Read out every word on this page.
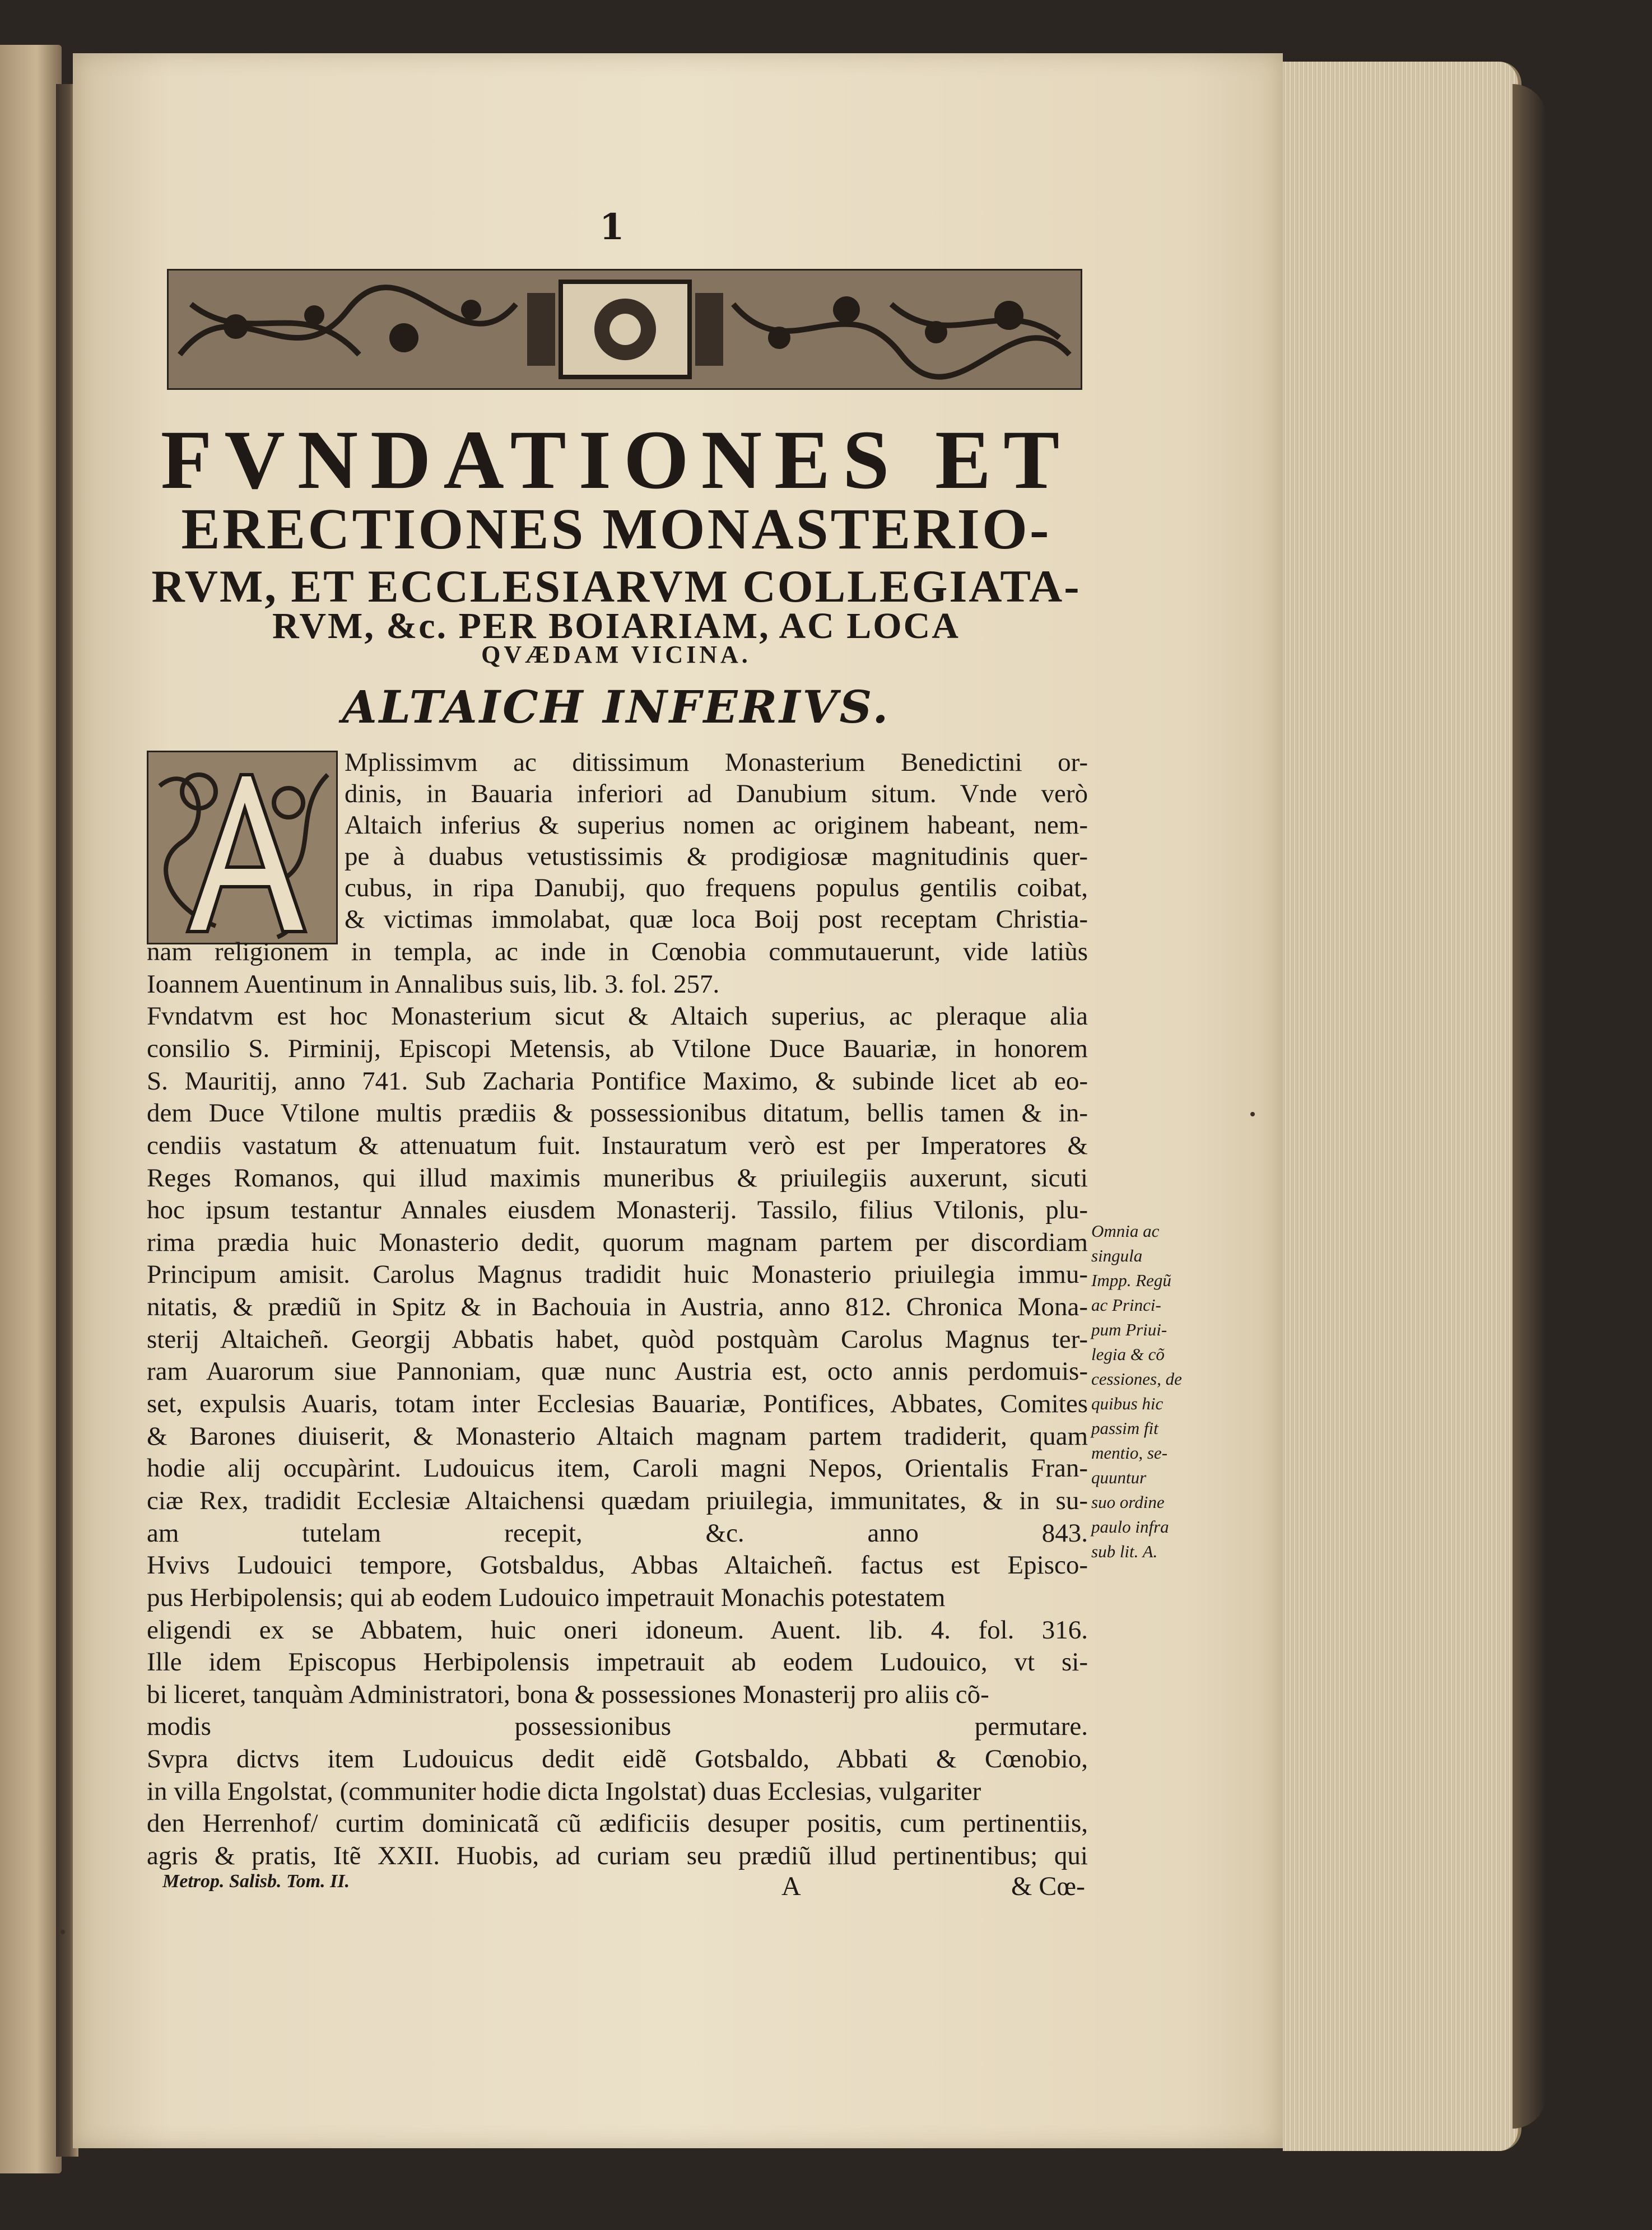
1
FVNDATIONES ET
ERECTIONES MONASTERIO-
RVM, ET ECCLESIARVM COLLEGIATA-
RVM, &c. PER BOIARIAM, AC LOCA
QVÆDAM VICINA.
ALTAICH INFERIVS.
Mplissimvm ac ditissimum Monasterium Benedictini or-
dinis, in Bauaria inferiori ad Danubium situm. Vnde verò
Altaich inferius & superius nomen ac originem habeant, nem-
pe à duabus vetustissimis & prodigiosæ magnitudinis quer-
cubus, in ripa Danubij, quo frequens populus gentilis coibat,
& victimas immolabat, quæ loca Boij post receptam Christia-
nam religionem in templa, ac inde in Cœnobia commutauerunt, vide latiùs
Ioannem Auentinum in Annalibus suis, lib. 3. fol. 257.
Fvndatvm est hoc Monasterium sicut & Altaich superius, ac pleraque alia
consilio S. Pirminij, Episcopi Metensis, ab Vtilone Duce Bauariæ, in honorem
S. Mauritij, anno 741. Sub Zacharia Pontifice Maximo, & subinde licet ab eo-
dem Duce Vtilone multis prædiis & possessionibus ditatum, bellis tamen & in-
cendiis vastatum & attenuatum fuit. Instauratum verò est per Imperatores &
Reges Romanos, qui illud maximis muneribus & priuilegiis auxerunt, sicuti
hoc ipsum testantur Annales eiusdem Monasterij. Tassilo, filius Vtilonis, plu-
rima prædia huic Monasterio dedit, quorum magnam partem per discordiam
Principum amisit. Carolus Magnus tradidit huic Monasterio priuilegia immu-
nitatis, & prædiũ in Spitz & in Bachouia in Austria, anno 812. Chronica Mona-
sterij Altaicheñ. Georgij Abbatis habet, quòd postquàm Carolus Magnus ter-
ram Auarorum siue Pannoniam, quæ nunc Austria est, octo annis perdomuis-
set, expulsis Auaris, totam inter Ecclesias Bauariæ, Pontifices, Abbates, Comites
& Barones diuiserit, & Monasterio Altaich magnam partem tradiderit, quam
hodie alij occupàrint. Ludouicus item, Caroli magni Nepos, Orientalis Fran-
ciæ Rex, tradidit Ecclesiæ Altaichensi quædam priuilegia, immunitates, & in su-
am tutelam recepit, &c. anno 843.
Hvivs Ludouici tempore, Gotsbaldus, Abbas Altaicheñ. factus est Episco-
pus Herbipolensis; qui ab eodem Ludouico impetrauit Monachis potestatem
eligendi ex se Abbatem, huic oneri idoneum. Auent. lib. 4. fol. 316.
Ille idem Episcopus Herbipolensis impetrauit ab eodem Ludouico, vt si-
bi liceret, tanquàm Administratori, bona & possessiones Monasterij pro aliis cõ-
modis possessionibus permutare.
Svpra dictvs item Ludouicus dedit eidẽ Gotsbaldo, Abbati & Cœnobio,
in villa Engolstat, (communiter hodie dicta Ingolstat) duas Ecclesias, vulgariter
den Herrenhof/ curtim dominicatã cũ ædificiis desuper positis, cum pertinentiis,
agris & pratis, Itẽ XXII. Huobis, ad curiam seu prædiũ illud pertinentibus; qui
Omnia ac
singula
Impp. Regũ
ac Princi-
pum Priui-
legia & cõ
cessiones, de
quibus hic
passim fit
mentio, se-
quuntur
suo ordine
paulo infra
sub lit. A.
Metrop. Salisb. Tom. II.	A	& Cœ-
